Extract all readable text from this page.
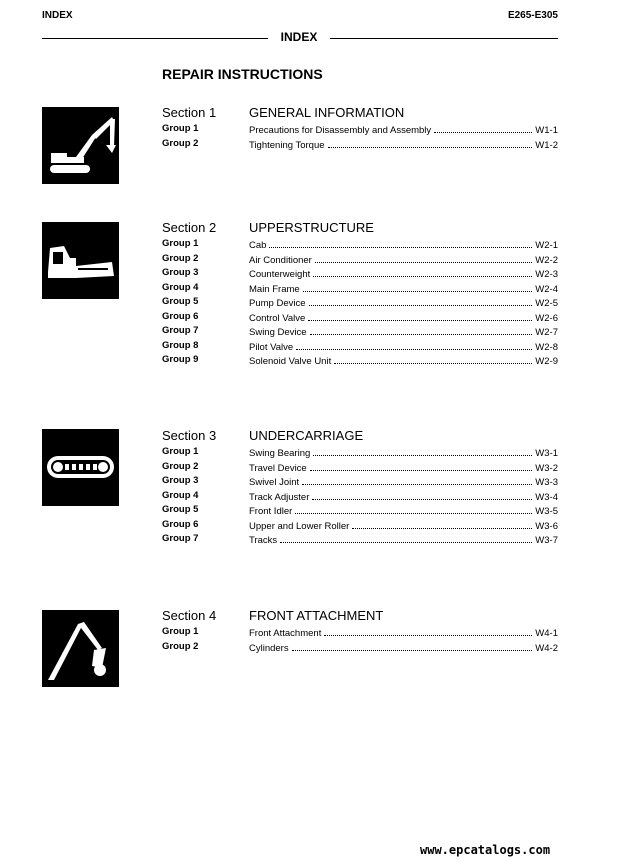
INDEX	E265-E305
INDEX
REPAIR INSTRUCTIONS
Section 1	GENERAL INFORMATION
Group 1	Precautions for Disassembly and Assembly	W1-1
Group 2	Tightening Torque	W1-2
Section 2	UPPERSTRUCTURE
Group 1	Cab	W2-1
Group 2	Air Conditioner	W2-2
Group 3	Counterweight	W2-3
Group 4	Main Frame	W2-4
Group 5	Pump Device	W2-5
Group 6	Control Valve	W2-6
Group 7	Swing Device	W2-7
Group 8	Pilot Valve	W2-8
Group 9	Solenoid Valve Unit	W2-9
Section 3	UNDERCARRIAGE
Group 1	Swing Bearing	W3-1
Group 2	Travel Device	W3-2
Group 3	Swivel Joint	W3-3
Group 4	Track Adjuster	W3-4
Group 5	Front Idler	W3-5
Group 6	Upper and Lower Roller	W3-6
Group 7	Tracks	W3-7
Section 4	FRONT ATTACHMENT
Group 1	Front Attachment	W4-1
Group 2	Cylinders	W4-2
www.epcatalogs.com
